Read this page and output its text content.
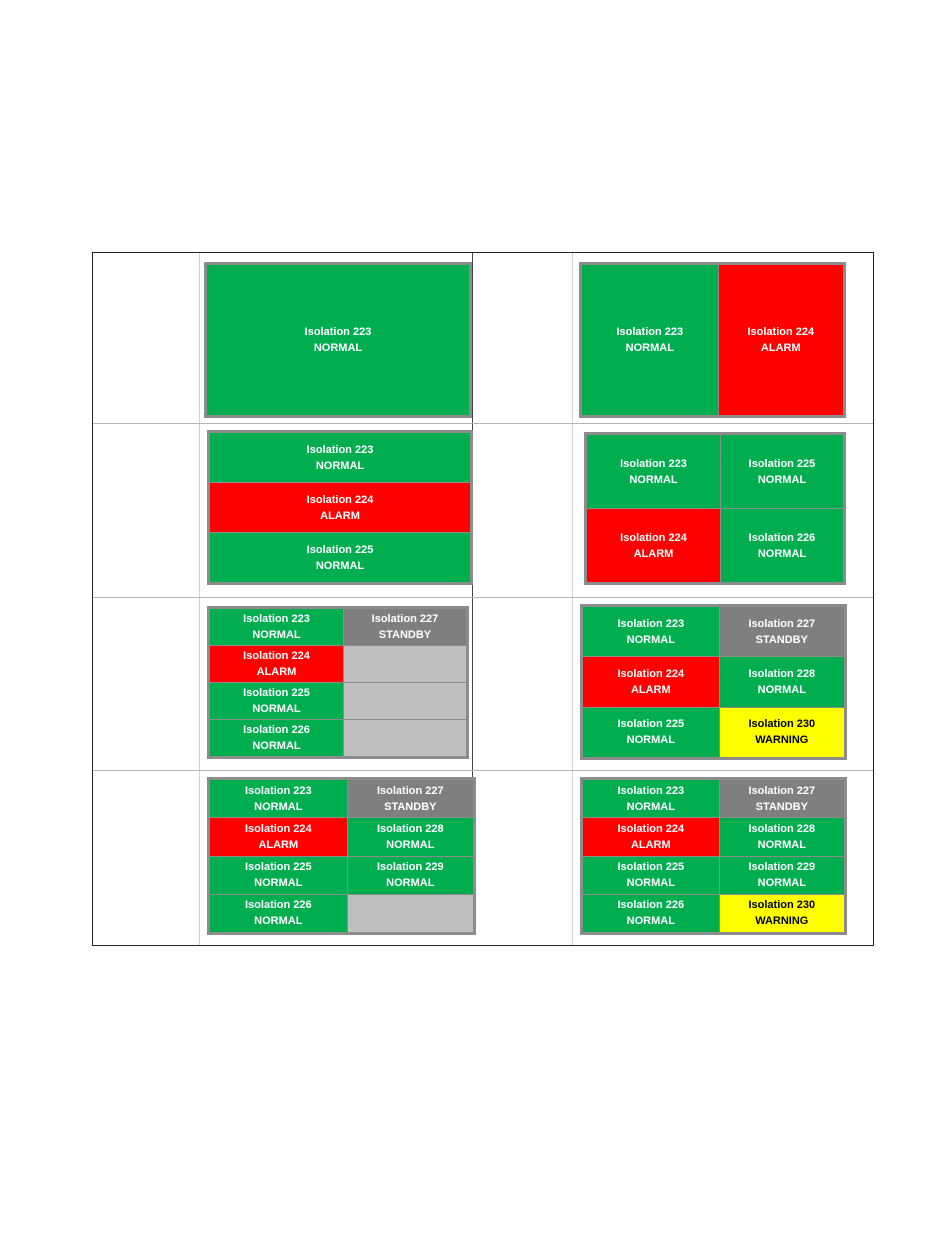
Isolation 223
NORMAL
Isolation 223
NORMAL
Isolation 224
ALARM
Isolation 223
NORMAL
Isolation 224
ALARM
Isolation 225
NORMAL
Isolation 223
NORMAL
Isolation 225
NORMAL
Isolation 224
ALARM
Isolation 226
NORMAL
Isolation 223
NORMAL
Isolation 227
STANDBY
Isolation 224
ALARM
Isolation 225
NORMAL
Isolation 226
NORMAL
Isolation 223
NORMAL
Isolation 227
STANDBY
Isolation 224
ALARM
Isolation 228
NORMAL
Isolation 225
NORMAL
Isolation 230
WARNING
Isolation 223
NORMAL
Isolation 227
STANDBY
Isolation 224
ALARM
Isolation 228
NORMAL
Isolation 225
NORMAL
Isolation 229
NORMAL
Isolation 226
NORMAL
Isolation 223
NORMAL
Isolation 227
STANDBY
Isolation 224
ALARM
Isolation 228
NORMAL
Isolation 225
NORMAL
Isolation 229
NORMAL
Isolation 226
NORMAL
Isolation 230
WARNING
